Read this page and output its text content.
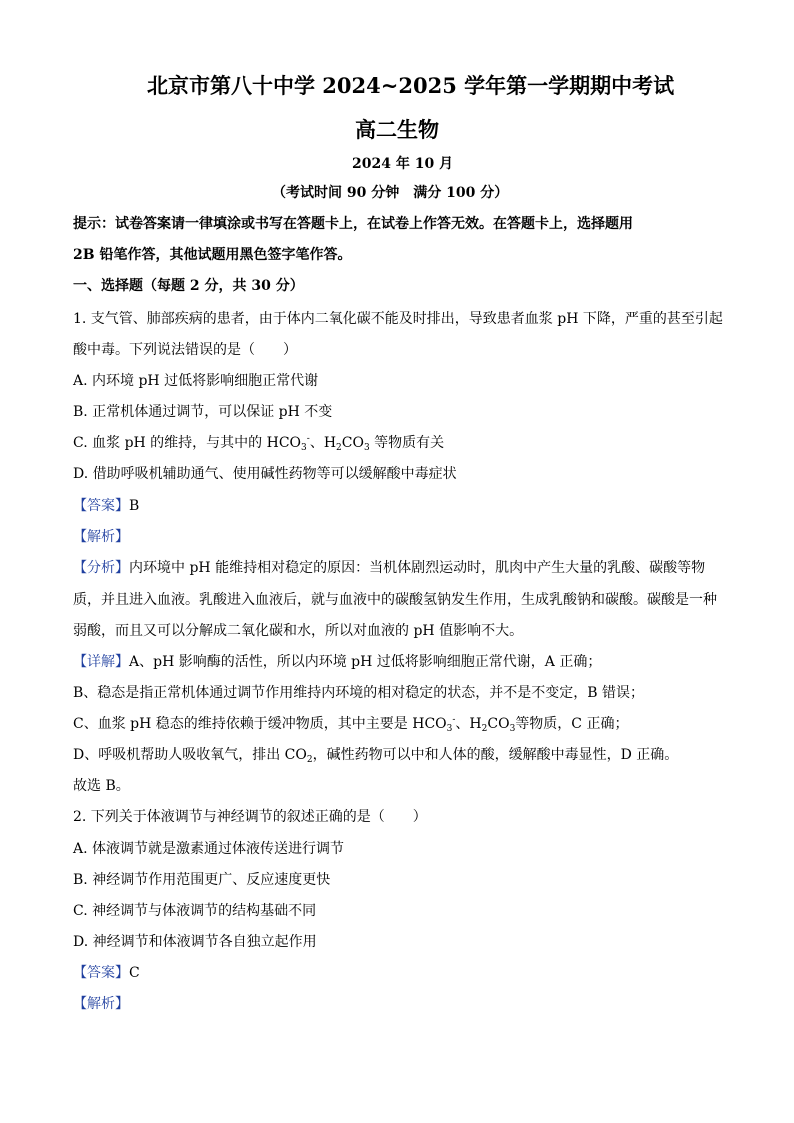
北京市第八十中学 2024~2025 学年第一学期期中考试
高二生物
2024 年 10 月
（考试时间 90 分钟　满分 100 分）
提示：试卷答案请一律填涂或书写在答题卡上，在试卷上作答无效。在答题卡上，选择题用
2B 铅笔作答，其他试题用黑色签字笔作答。
一、选择题（每题 2 分，共 30 分）
1. 支气管、肺部疾病的患者，由于体内二氧化碳不能及时排出，导致患者血浆 pH 下降，严重的甚至引起
酸中毒。下列说法错误的是（　　）
A. 内环境 pH 过低将影响细胞正常代谢
B. 正常机体通过调节，可以保证 pH 不变
C. 血浆 pH 的维持，与其中的 $HCO_3^-$、$H_2CO_3$ 等物质有关
D. 借助呼吸机辅助通气、使用碱性药物等可以缓解酸中毒症状
【答案】B
【解析】
【分析】内环境中 pH 能维持相对稳定的原因：当机体剧烈运动时，肌肉中产生大量的乳酸、碳酸等物
质，并且进入血液。乳酸进入血液后，就与血液中的碳酸氢钠发生作用，生成乳酸钠和碳酸。碳酸是一种
弱酸，而且又可以分解成二氧化碳和水，所以对血液的 pH 值影响不大。
【详解】A、pH 影响酶的活性，所以内环境 pH 过低将影响细胞正常代谢，A 正确；
B、稳态是指正常机体通过调节作用维持内环境的相对稳定的状态，并不是不变定，B 错误；
C、血浆 pH 稳态的维持依赖于缓冲物质，其中主要是 $HCO_3^-$、$H_2CO_3$等物质，C 正确；
D、呼吸机帮助人吸收氧气，排出 $CO_2$，碱性药物可以中和人体的酸，缓解酸中毒显性，D 正确。
故选 B。
2. 下列关于体液调节与神经调节的叙述正确的是（　　）
A. 体液调节就是激素通过体液传送进行调节
B. 神经调节作用范围更广、反应速度更快
C. 神经调节与体液调节的结构基础不同
D. 神经调节和体液调节各自独立起作用
【答案】C
【解析】
